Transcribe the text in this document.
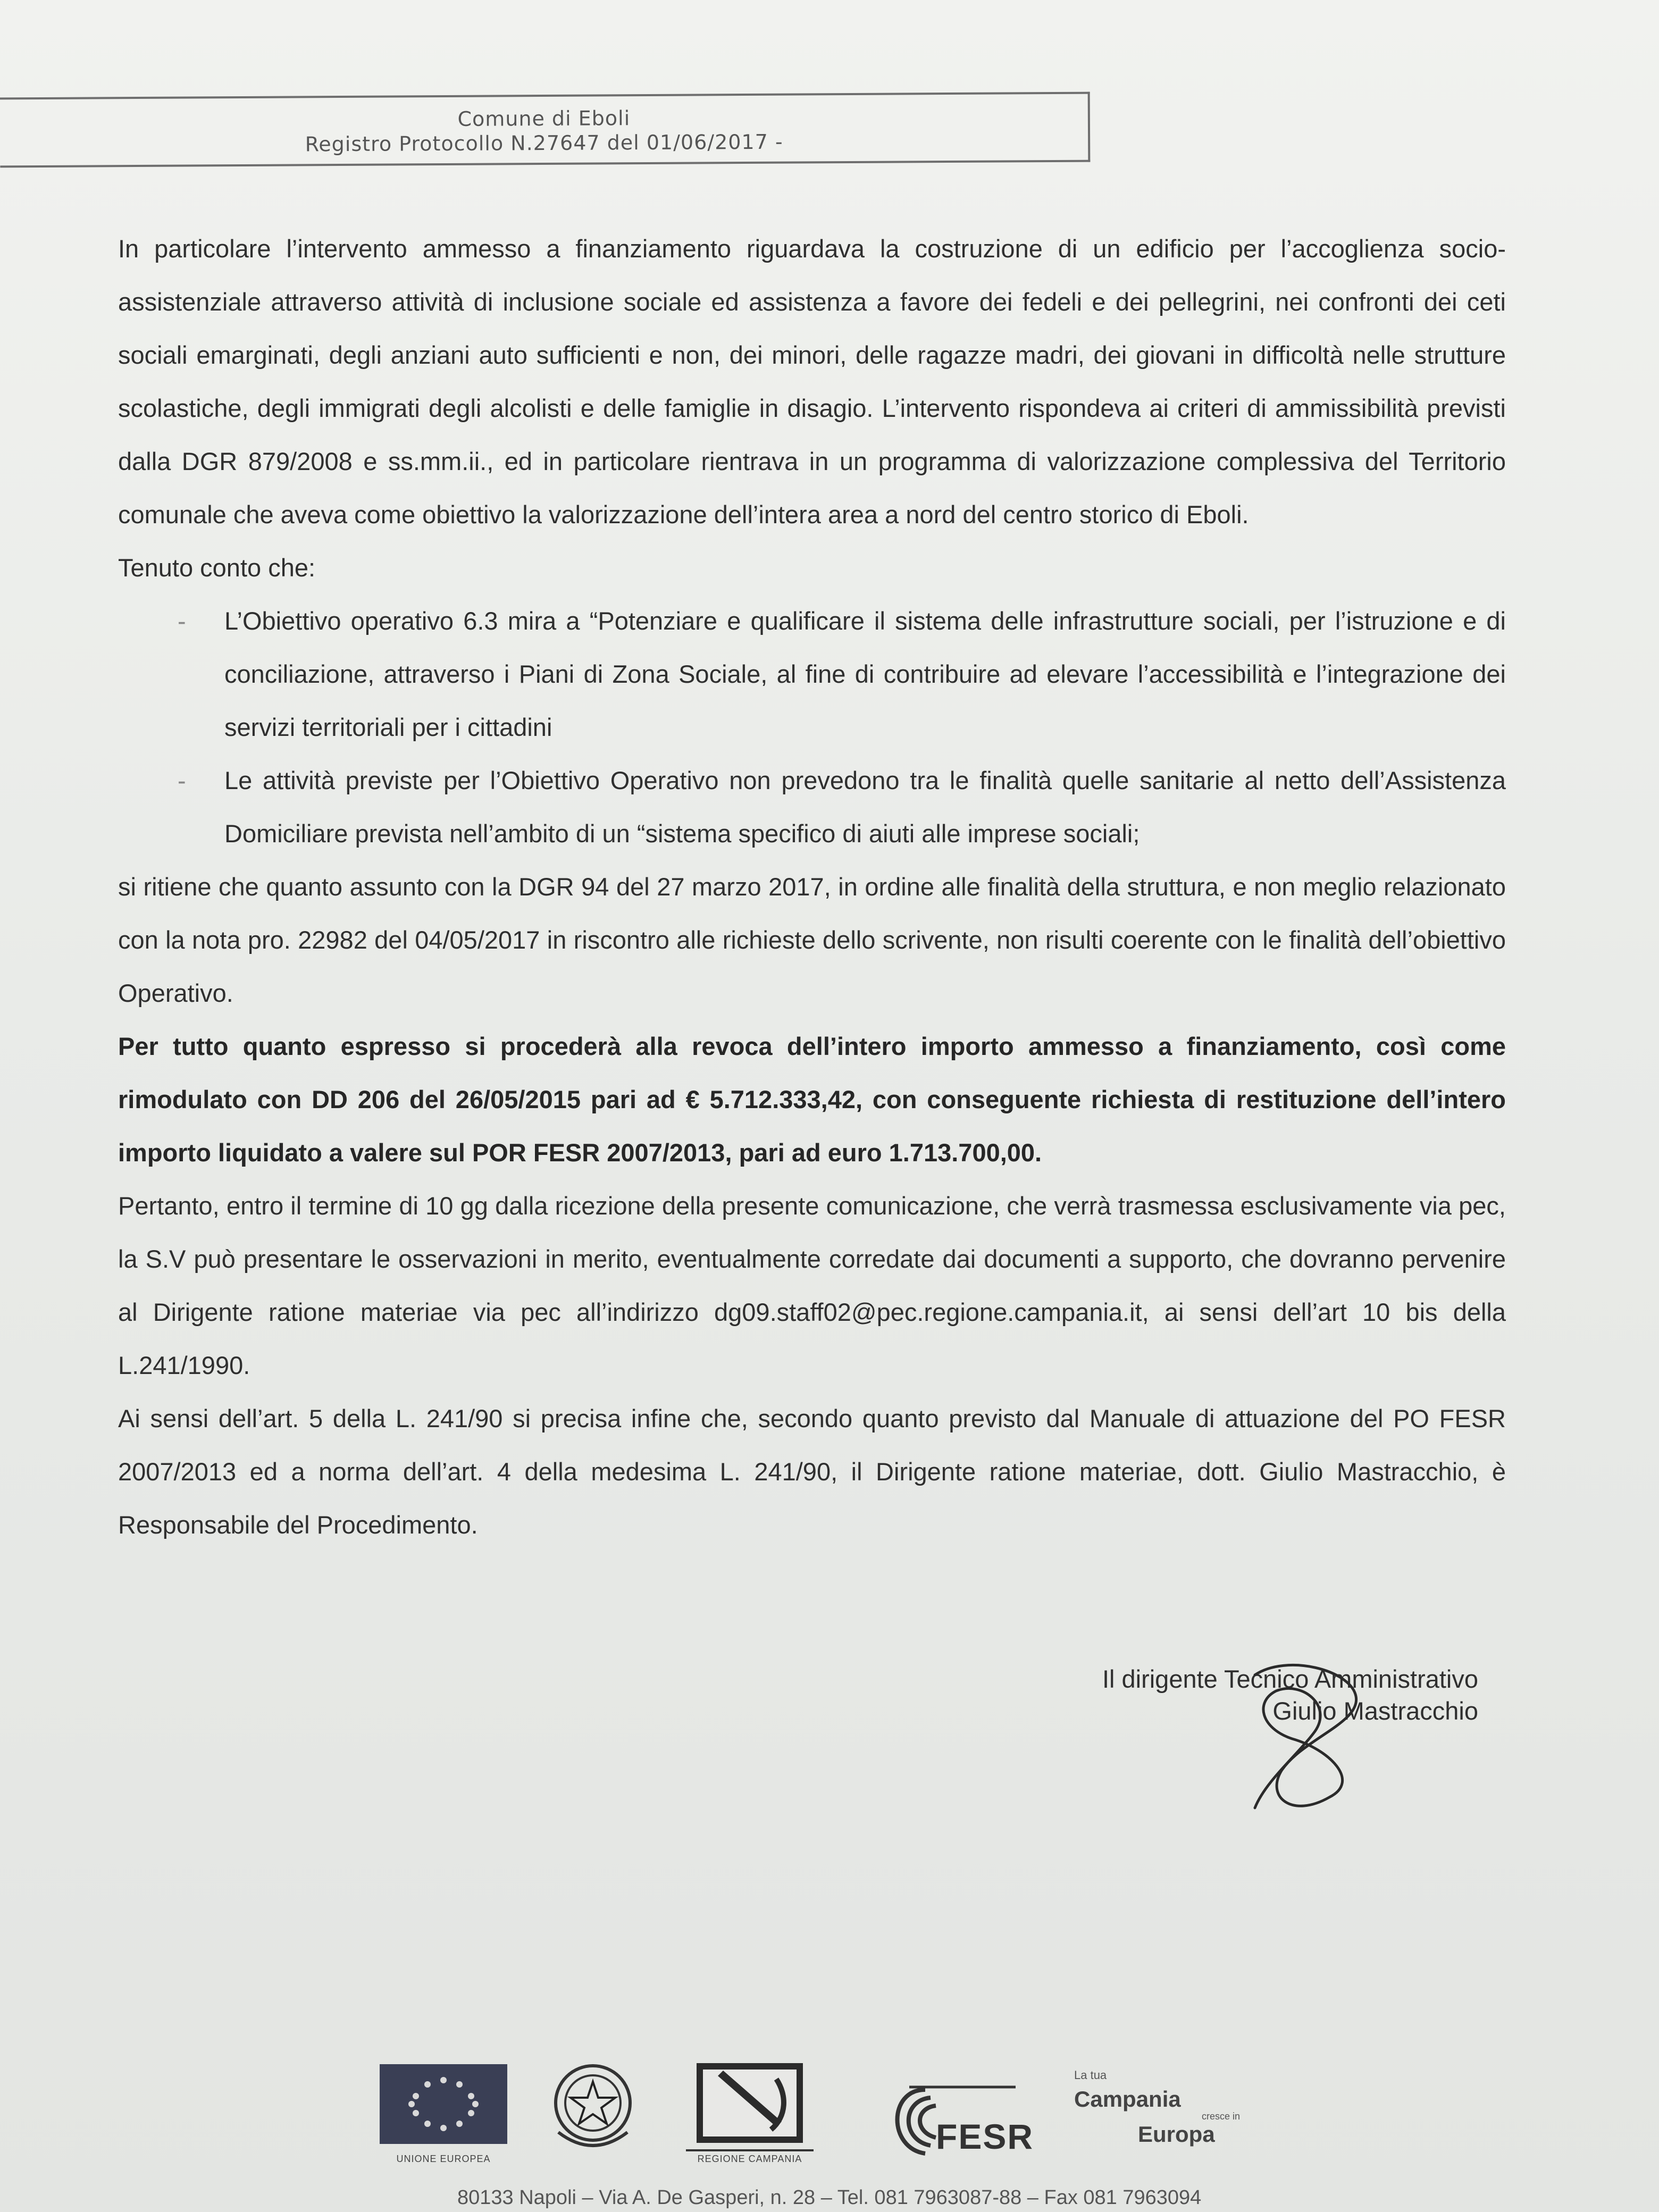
Comune di Eboli
Registro Protocollo N.27647 del 01/06/2017 -

In particolare l’intervento ammesso a finanziamento riguardava la costruzione di un edificio per l’accoglienza socio-assistenziale attraverso attività di inclusione sociale ed assistenza a favore dei fedeli e dei pellegrini, nei confronti dei ceti sociali emarginati, degli anziani auto sufficienti e non, dei minori, delle ragazze madri, dei giovani in difficoltà nelle strutture scolastiche, degli immigrati degli alcolisti e delle famiglie in disagio. L’intervento rispondeva ai criteri di ammissibilità previsti dalla DGR 879/2008 e ss.mm.ii., ed in particolare rientrava in un programma di valorizzazione complessiva del Territorio comunale che aveva come obiettivo la valorizzazione dell’intera area a nord del centro storico di Eboli.

Tenuto conto che:

- L’Obiettivo operativo 6.3 mira a “Potenziare e qualificare il sistema delle infrastrutture sociali, per l’istruzione e di conciliazione, attraverso i Piani di Zona Sociale, al fine di contribuire ad elevare l’accessibilità e l’integrazione dei servizi territoriali per i cittadini
- Le attività previste per l’Obiettivo Operativo non prevedono tra le finalità quelle sanitarie al netto dell’Assistenza Domiciliare prevista nell’ambito di un “sistema specifico di aiuti alle imprese sociali;

si ritiene che quanto assunto con la DGR 94 del 27 marzo 2017, in ordine alle finalità della struttura, e non meglio relazionato con la nota pro. 22982 del 04/05/2017 in riscontro alle richieste dello scrivente, non risulti coerente con le finalità dell’obiettivo Operativo.

Per tutto quanto espresso si procederà alla revoca dell’intero importo ammesso a finanziamento, così come rimodulato con DD 206 del 26/05/2015 pari ad € 5.712.333,42, con conseguente richiesta di restituzione dell’intero importo liquidato a valere sul POR FESR 2007/2013, pari ad euro 1.713.700,00.

Pertanto, entro il termine di 10 gg dalla ricezione della presente comunicazione, che verrà trasmessa esclusivamente via pec, la S.V può presentare le osservazioni in merito, eventualmente corredate dai documenti a supporto, che dovranno pervenire al Dirigente ratione materiae via pec all’indirizzo dg09.staff02@pec.regione.campania.it, ai sensi dell’art 10 bis della L.241/1990.

Ai sensi dell’art. 5 della L. 241/90 si precisa infine che, secondo quanto previsto dal Manuale di attuazione del PO FESR 2007/2013 ed a norma dell’art. 4 della medesima L. 241/90, il Dirigente ratione materiae, dott. Giulio Mastracchio, è Responsabile del Procedimento.

Il dirigente Tecnico Amministrativo
Giulio Mastracchio
UNIONE EUROPEA	REGIONE CAMPANIA
FESR
La tua
Campania
cresce in
Europa
80133 Napoli – Via A. De Gasperi, n. 28 – Tel. 081 7963087-88 – Fax 081 7963094
